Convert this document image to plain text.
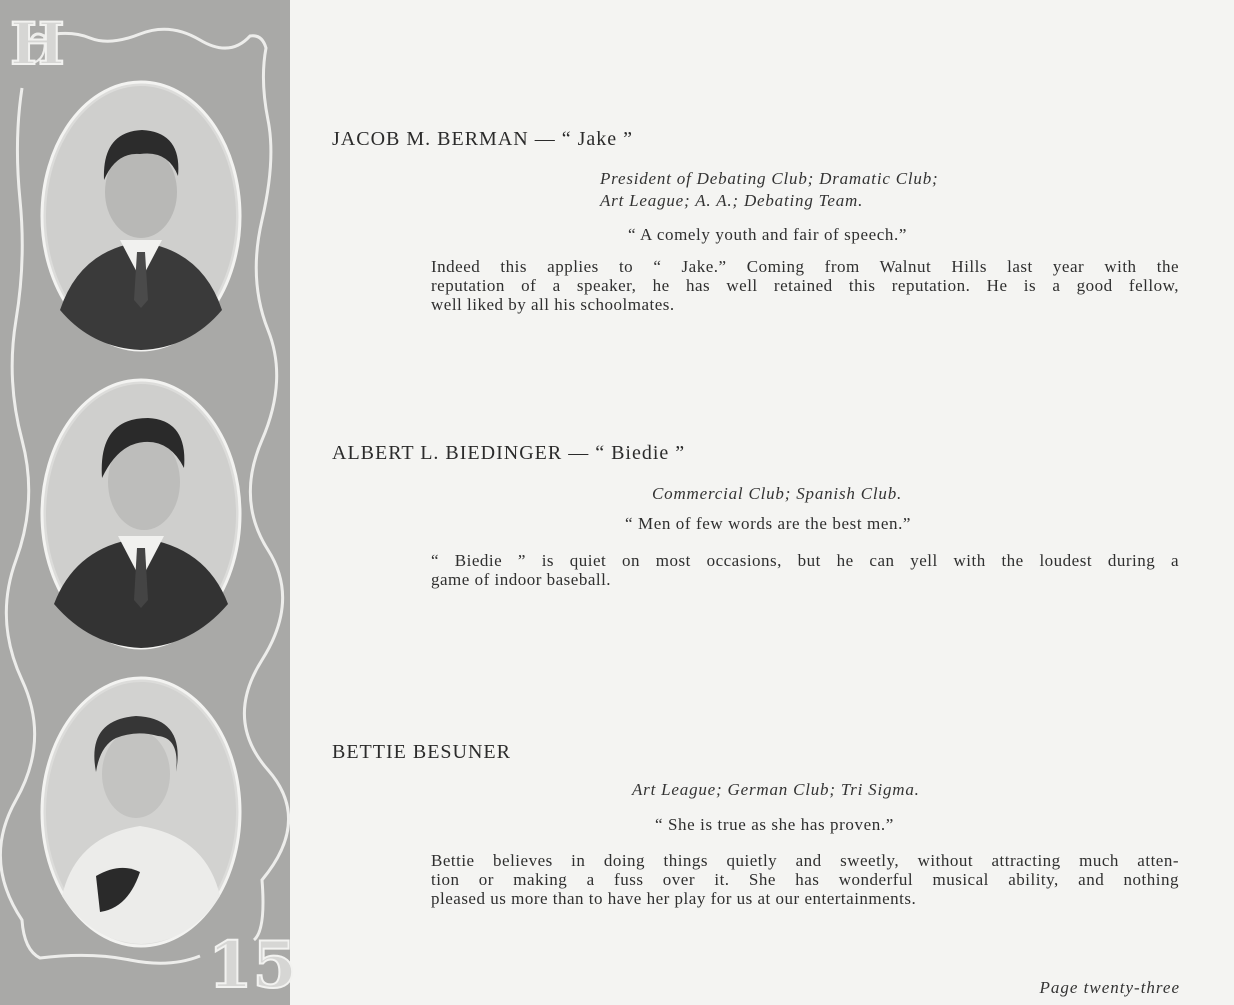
H
15
JACOB M. BERMAN — “ Jake ”
President of Debating Club; Dramatic Club;
Art League; A. A.; Debating Team.
“ A comely youth and fair of speech.”
Indeed this applies to “ Jake.” Coming from Walnut Hills last year with the
reputation of a speaker, he has well retained this reputation. He is a good fellow,
well liked by all his schoolmates.
ALBERT L. BIEDINGER — “ Biedie ”
Commercial Club; Spanish Club.
“ Men of few words are the best men.”
“ Biedie ” is quiet on most occasions, but he can yell with the loudest during a
game of indoor baseball.
BETTIE BESUNER
Art League; German Club; Tri Sigma.
“ She is true as she has proven.”
Bettie believes in doing things quietly and sweetly, without attracting much atten-
tion or making a fuss over it. She has wonderful musical ability, and nothing
pleased us more than to have her play for us at our entertainments.
Page twenty-three
